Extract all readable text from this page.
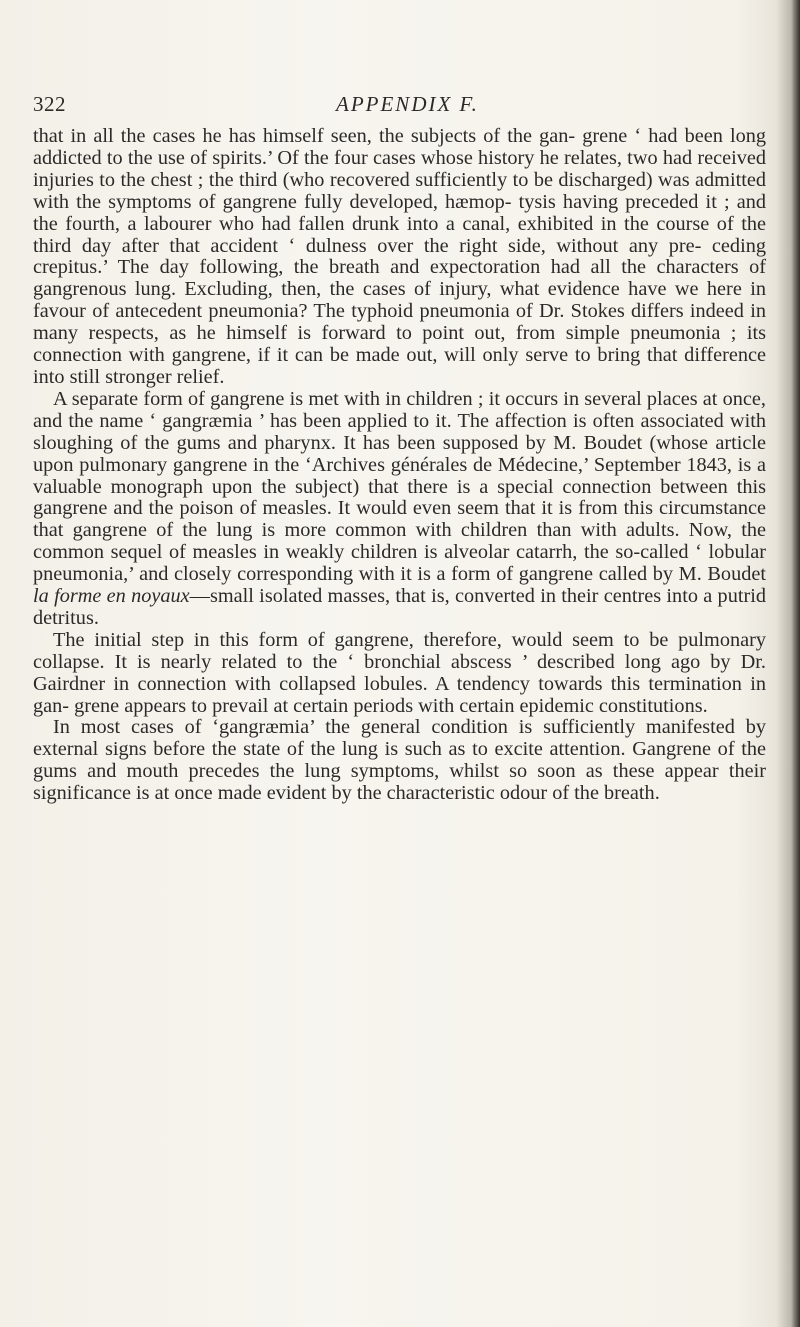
322	APPENDIX F.

that in all the cases he has himself seen, the subjects of the gan- grene ‘ had been long addicted to the use of spirits.’ Of the four cases whose history he relates, two had received injuries to the chest ; the third (who recovered sufficiently to be discharged) was admitted with the symptoms of gangrene fully developed, hæmop- tysis having preceded it ; and the fourth, a labourer who had fallen drunk into a canal, exhibited in the course of the third day after that accident ‘ dulness over the right side, without any pre- ceding crepitus.’ The day following, the breath and expectoration had all the characters of gangrenous lung. Excluding, then, the cases of injury, what evidence have we here in favour of antecedent pneumonia? The typhoid pneumonia of Dr. Stokes differs indeed in many respects, as he himself is forward to point out, from simple pneumonia ; its connection with gangrene, if it can be made out, will only serve to bring that difference into still stronger relief.

A separate form of gangrene is met with in children ; it occurs in several places at once, and the name ‘ gangræmia ’ has been applied to it. The affection is often associated with sloughing of the gums and pharynx. It has been supposed by M. Boudet (whose article upon pulmonary gangrene in the ‘Archives générales de Médecine,’ September 1843, is a valuable monograph upon the subject) that there is a special connection between this gangrene and the poison of measles. It would even seem that it is from this circumstance that gangrene of the lung is more common with children than with adults. Now, the common sequel of measles in weakly children is alveolar catarrh, the so-called ‘ lobular pneumonia,’ and closely corresponding with it is a form of gangrene called by M. Boudet la forme en noyaux—small isolated masses, that is, converted in their centres into a putrid detritus.

The initial step in this form of gangrene, therefore, would seem to be pulmonary collapse. It is nearly related to the ‘ bronchial abscess ’ described long ago by Dr. Gairdner in connection with collapsed lobules. A tendency towards this termination in gan- grene appears to prevail at certain periods with certain epidemic constitutions.

In most cases of ‘gangræmia’ the general condition is sufficiently manifested by external signs before the state of the lung is such as to excite attention. Gangrene of the gums and mouth precedes the lung symptoms, whilst so soon as these appear their significance is at once made evident by the characteristic odour of the breath.
